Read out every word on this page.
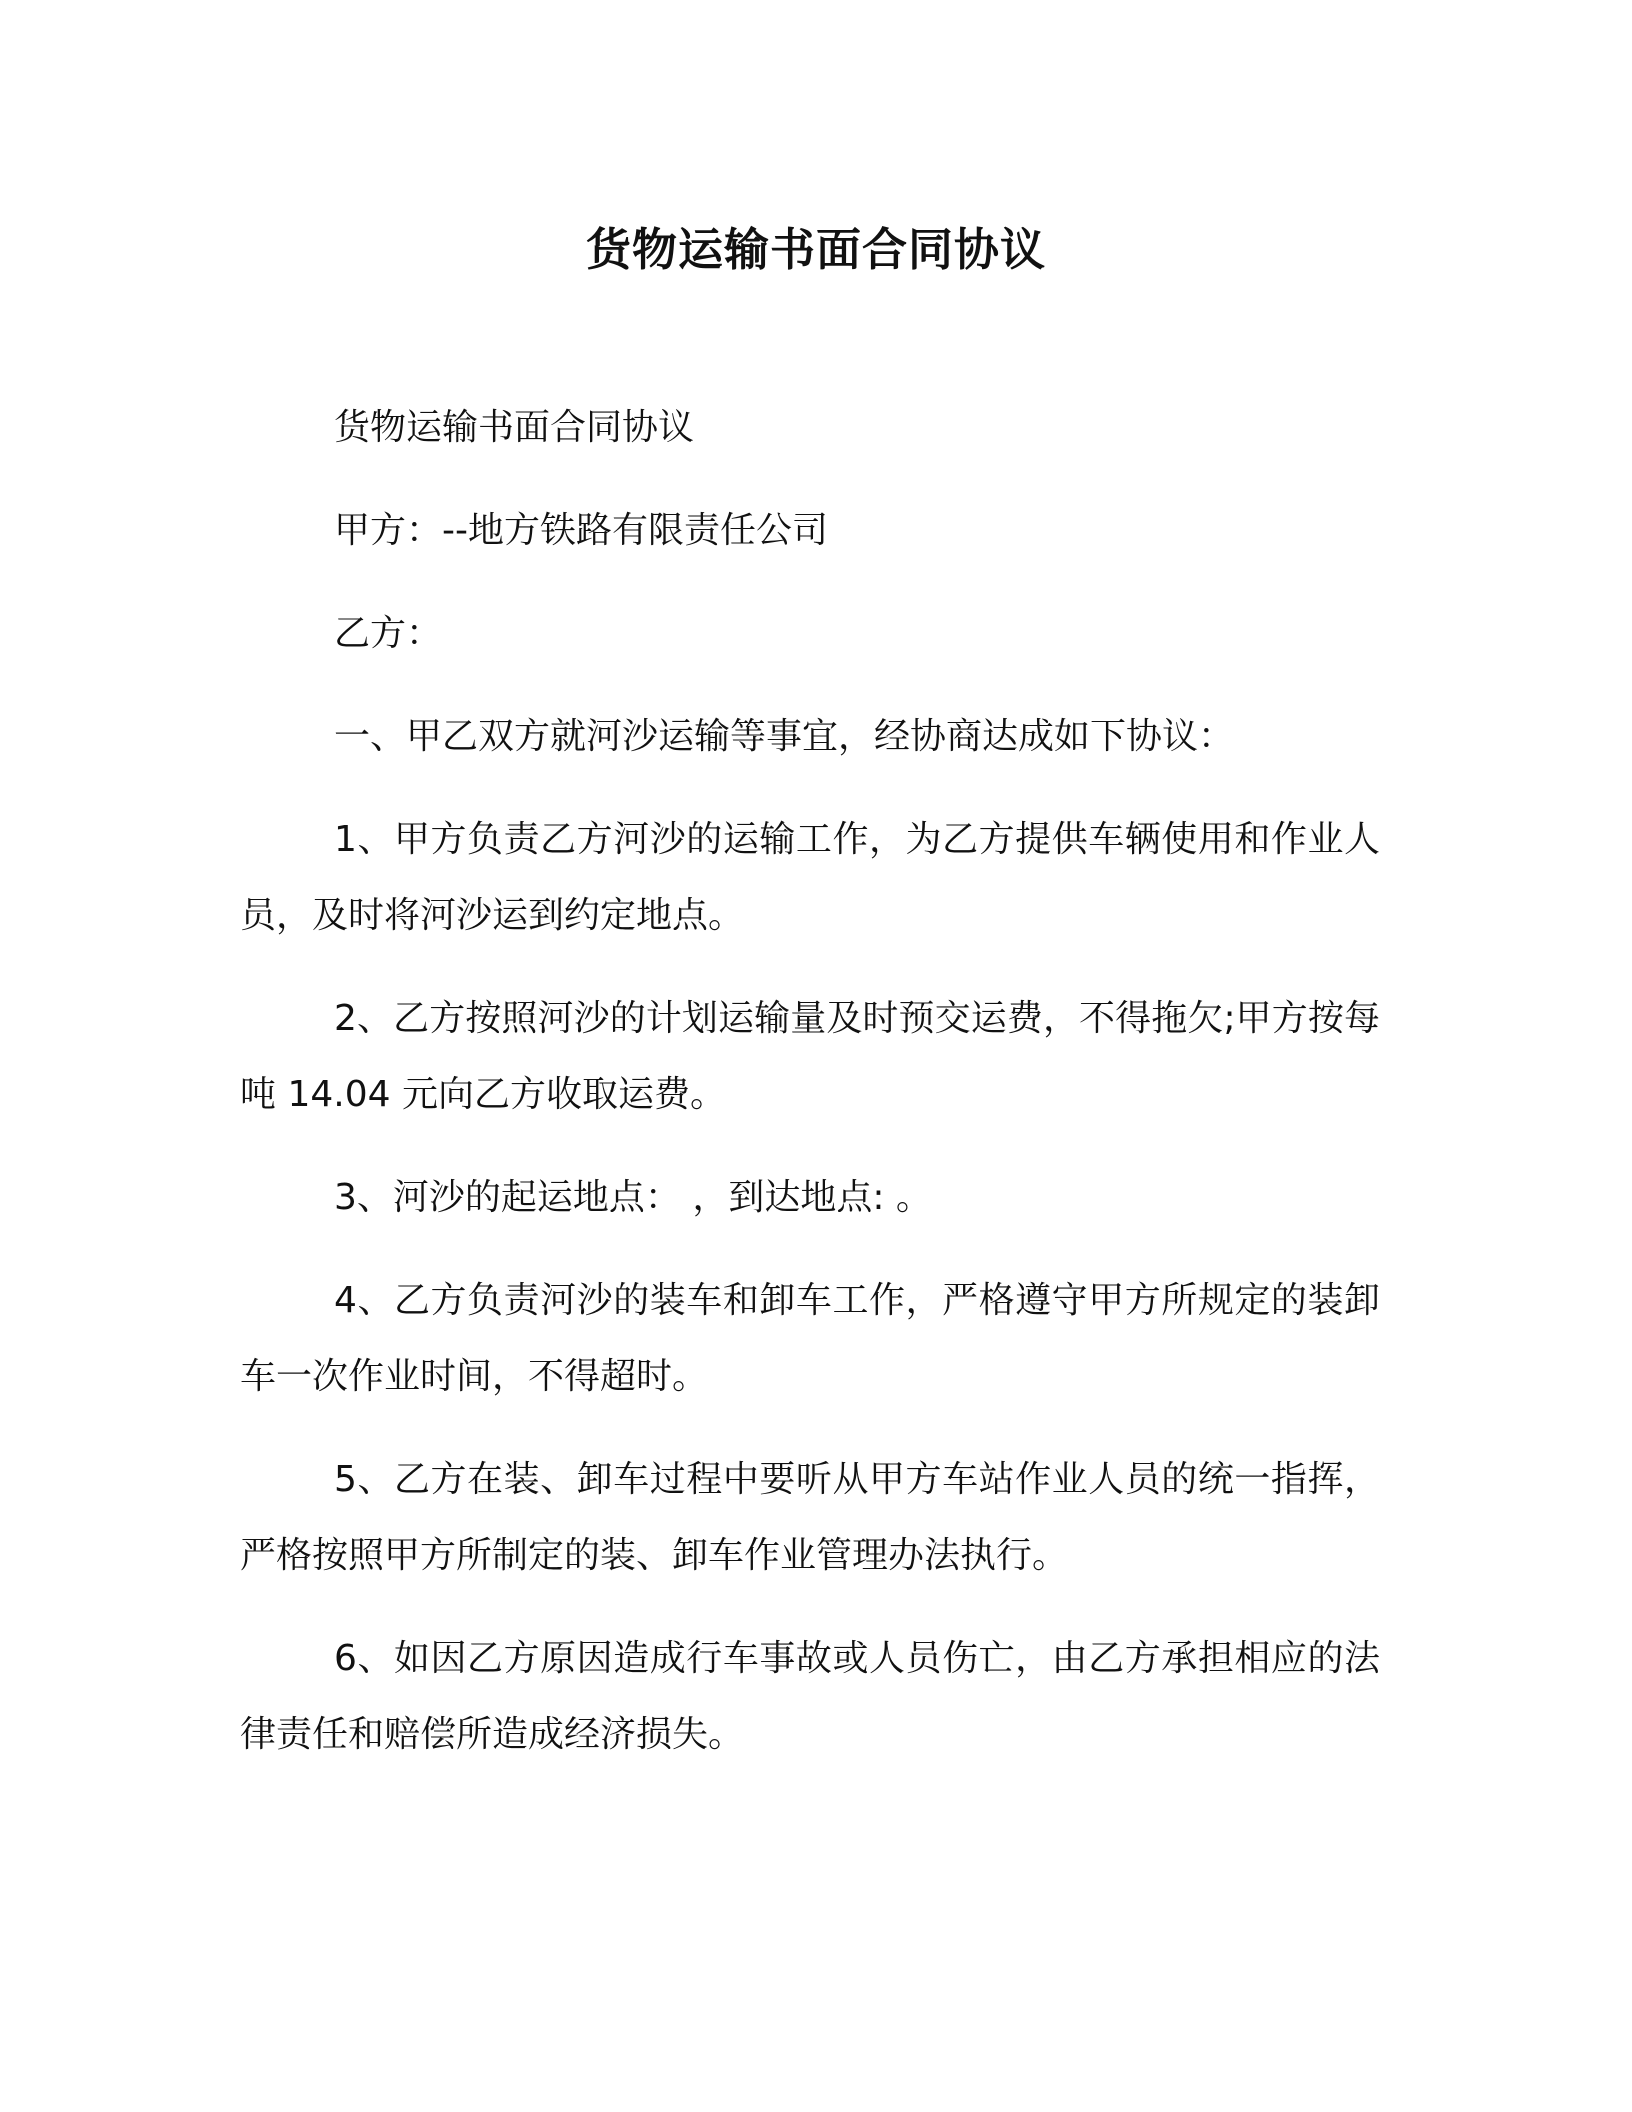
货物运输书面合同协议

货物运输书面合同协议

甲方：--地方铁路有限责任公司

乙方：

一、甲乙双方就河沙运输等事宜，经协商达成如下协议：

1、甲方负责乙方河沙的运输工作，为乙方提供车辆使用和作业人员，及时将河沙运到约定地点。

2、乙方按照河沙的计划运输量及时预交运费，不得拖欠;甲方按每吨 14.04 元向乙方收取运费。

3、河沙的起运地点： ，到达地点: 。

4、乙方负责河沙的装车和卸车工作，严格遵守甲方所规定的装卸车一次作业时间，不得超时。

5、乙方在装、卸车过程中要听从甲方车站作业人员的统一指挥，严格按照甲方所制定的装、卸车作业管理办法执行。

6、如因乙方原因造成行车事故或人员伤亡，由乙方承担相应的法律责任和赔偿所造成经济损失。
